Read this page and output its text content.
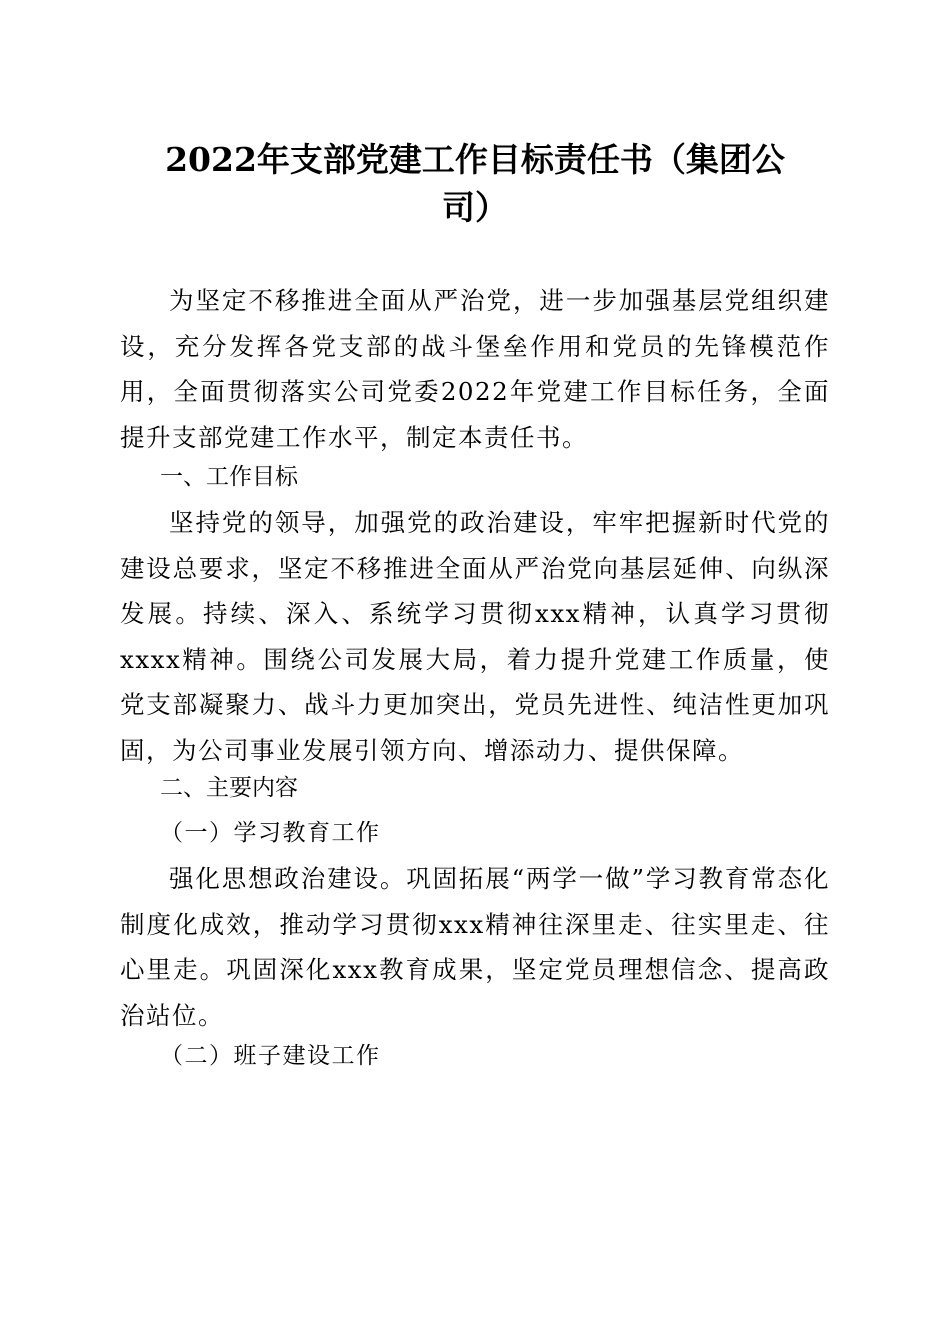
2022年支部党建工作目标责任书（集团公
司）

为坚定不移推进全面从严治党，进一步加强基层党组织建设，充分发挥各党支部的战斗堡垒作用和党员的先锋模范作用，全面贯彻落实公司党委2022年党建工作目标任务，全面提升支部党建工作水平，制定本责任书。

一、工作目标

坚持党的领导，加强党的政治建设，牢牢把握新时代党的建设总要求，坚定不移推进全面从严治党向基层延伸、向纵深发展。持续、深入、系统学习贯彻xxx精神，认真学习贯彻xxxx精神。围绕公司发展大局，着力提升党建工作质量，使党支部凝聚力、战斗力更加突出，党员先进性、纯洁性更加巩固，为公司事业发展引领方向、增添动力、提供保障。

二、主要内容

（一）学习教育工作

强化思想政治建设。巩固拓展“两学一做”学习教育常态化制度化成效，推动学习贯彻xxx精神往深里走、往实里走、往心里走。巩固深化xxx教育成果，坚定党员理想信念、提高政治站位。

（二）班子建设工作
